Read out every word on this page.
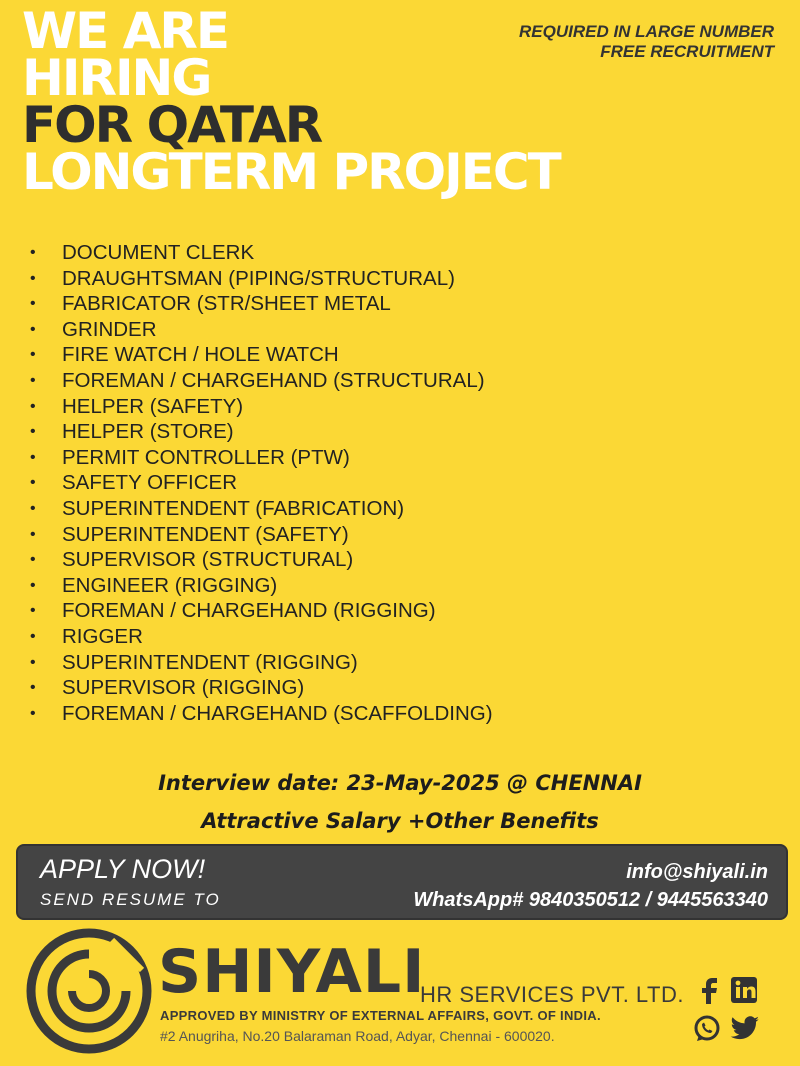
WE ARE
HIRING
FOR QATAR
LONGTERM PROJECT
REQUIRED IN LARGE NUMBER
FREE RECRUITMENT
•	DOCUMENT CLERK
•	DRAUGHTSMAN (PIPING/STRUCTURAL)
•	FABRICATOR (STR/SHEET METAL
•	GRINDER
•	FIRE WATCH / HOLE WATCH
•	FOREMAN / CHARGEHAND (STRUCTURAL)
•	HELPER (SAFETY)
•	HELPER (STORE)
•	PERMIT CONTROLLER (PTW)
•	SAFETY OFFICER
•	SUPERINTENDENT (FABRICATION)
•	SUPERINTENDENT (SAFETY)
•	SUPERVISOR (STRUCTURAL)
•	ENGINEER (RIGGING)
•	FOREMAN / CHARGEHAND (RIGGING)
•	RIGGER
•	SUPERINTENDENT (RIGGING)
•	SUPERVISOR (RIGGING)
•	FOREMAN / CHARGEHAND (SCAFFOLDING)
Interview date: 23-May-2025 @ CHENNAI
Attractive Salary +Other Benefits
APPLY NOW!
SEND RESUME TO
info@shiyali.in
WhatsApp# 9840350512 / 9445563340
SHIYALI
HR SERVICES PVT. LTD.
APPROVED BY MINISTRY OF EXTERNAL AFFAIRS, GOVT. OF INDIA.
#2 Anugriha, No.20 Balaraman Road, Adyar, Chennai - 600020.
